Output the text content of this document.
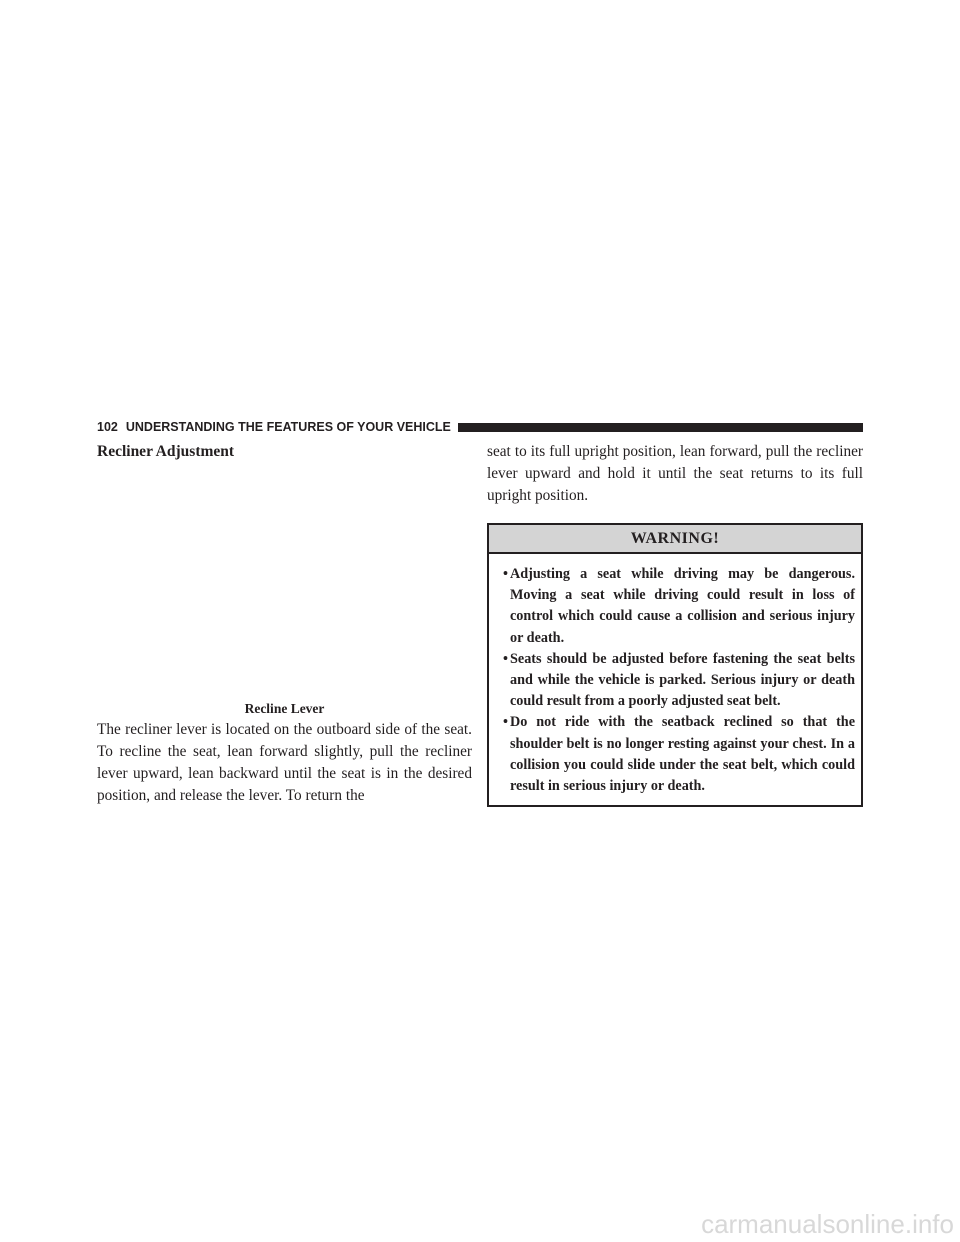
102 UNDERSTANDING THE FEATURES OF YOUR VEHICLE
Recliner Adjustment
Recline Lever

The recliner lever is located on the outboard side of the seat. To recline the seat, lean forward slightly, pull the recliner lever upward, lean backward until the seat is in the desired position, and release the lever. To return the

seat to its full upright position, lean forward, pull the recliner lever upward and hold it until the seat returns to its full upright position.

WARNING!
• Adjusting a seat while driving may be dangerous. Moving a seat while driving could result in loss of control which could cause a collision and serious injury or death.
• Seats should be adjusted before fastening the seat belts and while the vehicle is parked. Serious injury or death could result from a poorly adjusted seat belt.
• Do not ride with the seatback reclined so that the shoulder belt is no longer resting against your chest. In a collision you could slide under the seat belt, which could result in serious injury or death.
carmanualsonline.info
